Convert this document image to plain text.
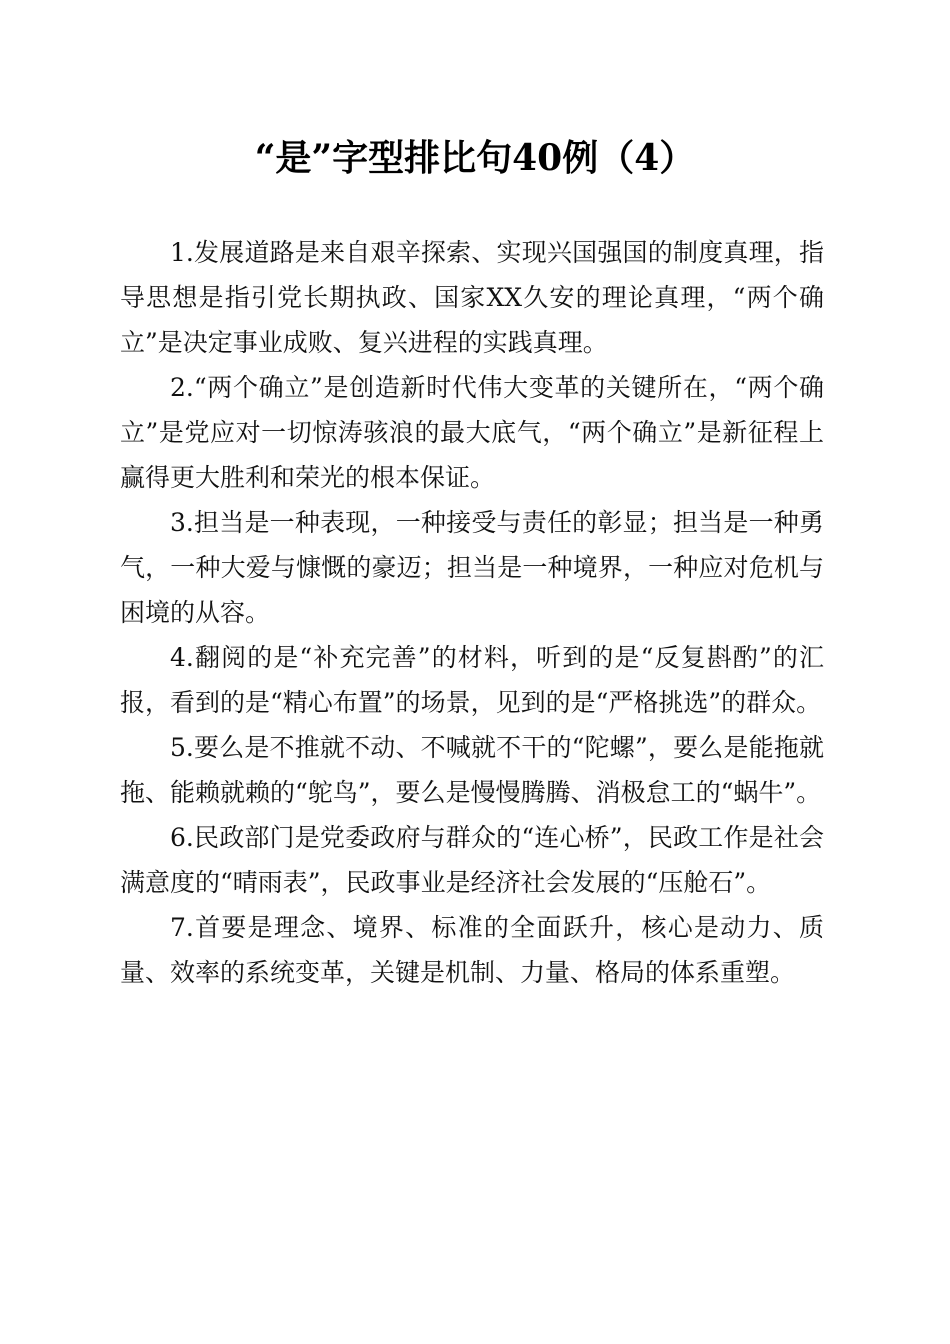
“是”字型排比句40例（4）

1.发展道路是来自艰辛探索、实现兴国强国的制度真理，指导思想是指引党长期执政、国家XX久安的理论真理，“两个确立”是决定事业成败、复兴进程的实践真理。

2.“两个确立”是创造新时代伟大变革的关键所在，“两个确立”是党应对一切惊涛骇浪的最大底气，“两个确立”是新征程上赢得更大胜利和荣光的根本保证。

3.担当是一种表现，一种接受与责任的彰显；担当是一种勇气，一种大爱与慷慨的豪迈；担当是一种境界，一种应对危机与困境的从容。

4.翻阅的是“补充完善”的材料，听到的是“反复斟酌”的汇报，看到的是“精心布置”的场景，见到的是“严格挑选”的群众。

5.要么是不推就不动、不喊就不干的“陀螺”，要么是能拖就拖、能赖就赖的“鸵鸟”，要么是慢慢腾腾、消极怠工的“蜗牛”。

6.民政部门是党委政府与群众的“连心桥”，民政工作是社会满意度的“晴雨表”，民政事业是经济社会发展的“压舱石”。

7.首要是理念、境界、标准的全面跃升，核心是动力、质量、效率的系统变革，关键是机制、力量、格局的体系重塑。
